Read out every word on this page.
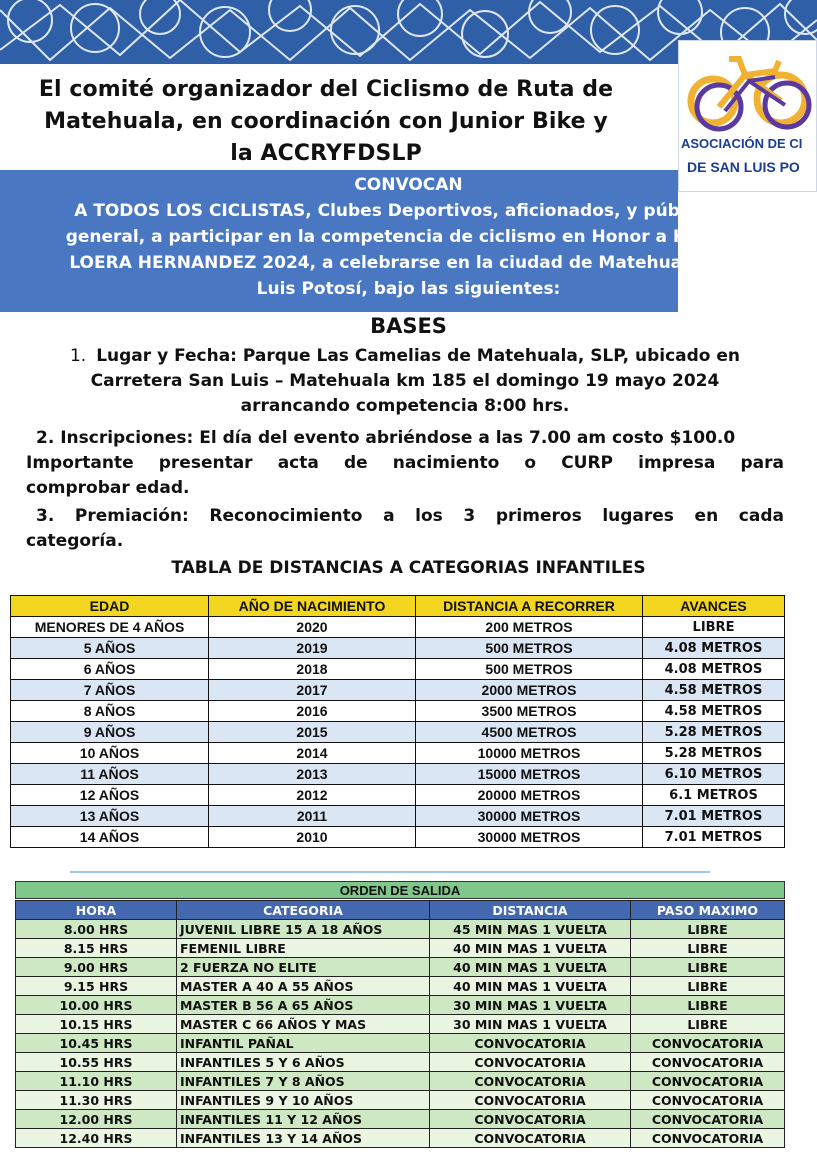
ASOCIACIÓN DE CI
DE SAN LUIS PO
El comité organizador del Ciclismo de Ruta de
Matehuala, en coordinación con Junior Bike y
la ACCRYFDSLP
CONVOCAN
A TODOS LOS CICLISTAS, Clubes Deportivos, aficionados, y público en
general, a participar en la competencia de ciclismo en Honor a HILARIO
LOERA HERNANDEZ 2024, a celebrarse en la ciudad de Matehuala, San
Luis Potosí, bajo las siguientes:
BASES
1. Lugar y Fecha: Parque Las Camelias de Matehuala, SLP, ubicado en
Carretera San Luis – Matehuala km 185 el domingo 19 mayo 2024
arrancando competencia 8:00 hrs.
2. Inscripciones: El día del evento abriéndose a las 7.00 am costo $100.0
Importante presentar acta de nacimiento o CURP impresa para
comprobar edad.
3. Premiación: Reconocimiento a los 3 primeros lugares en cada
categoría.
TABLA DE DISTANCIAS A CATEGORIAS INFANTILES
EDAD	AÑO DE NACIMIENTO	DISTANCIA A RECORRER	AVANCES
MENORES DE 4 AÑOS	2020	200 METROS	LIBRE
5 AÑOS	2019	500 METROS	4.08 METROS
6 AÑOS	2018	500 METROS	4.08 METROS
7 AÑOS	2017	2000 METROS	4.58 METROS
8 AÑOS	2016	3500 METROS	4.58 METROS
9 AÑOS	2015	4500 METROS	5.28 METROS
10 AÑOS	2014	10000 METROS	5.28 METROS
11 AÑOS	2013	15000 METROS	6.10 METROS
12 AÑOS	2012	20000 METROS	6.1 METROS
13 AÑOS	2011	30000 METROS	7.01 METROS
14 AÑOS	2010	30000 METROS	7.01 METROS
ORDEN DE SALIDA
HORA	CATEGORIA	DISTANCIA	PASO MAXIMO
8.00 HRS	JUVENIL LIBRE 15 A 18 AÑOS	45 MIN MAS 1 VUELTA	LIBRE
8.15 HRS	FEMENIL LIBRE	40 MIN MAS 1 VUELTA	LIBRE
9.00 HRS	2 FUERZA NO ELITE	40 MIN MAS 1 VUELTA	LIBRE
9.15 HRS	MASTER A 40 A 55 AÑOS	40 MIN MAS 1 VUELTA	LIBRE
10.00 HRS	MASTER B 56 A 65 AÑOS	30 MIN MAS 1 VUELTA	LIBRE
10.15 HRS	MASTER C 66 AÑOS Y MAS	30 MIN MAS 1 VUELTA	LIBRE
10.45 HRS	INFANTIL PAÑAL	CONVOCATORIA	CONVOCATORIA
10.55 HRS	INFANTILES 5 Y 6 AÑOS	CONVOCATORIA	CONVOCATORIA
11.10 HRS	INFANTILES 7 Y 8 AÑOS	CONVOCATORIA	CONVOCATORIA
11.30 HRS	INFANTILES 9 Y 10 AÑOS	CONVOCATORIA	CONVOCATORIA
12.00 HRS	INFANTILES 11 Y 12 AÑOS	CONVOCATORIA	CONVOCATORIA
12.40 HRS	INFANTILES 13 Y 14 AÑOS	CONVOCATORIA	CONVOCATORIA
